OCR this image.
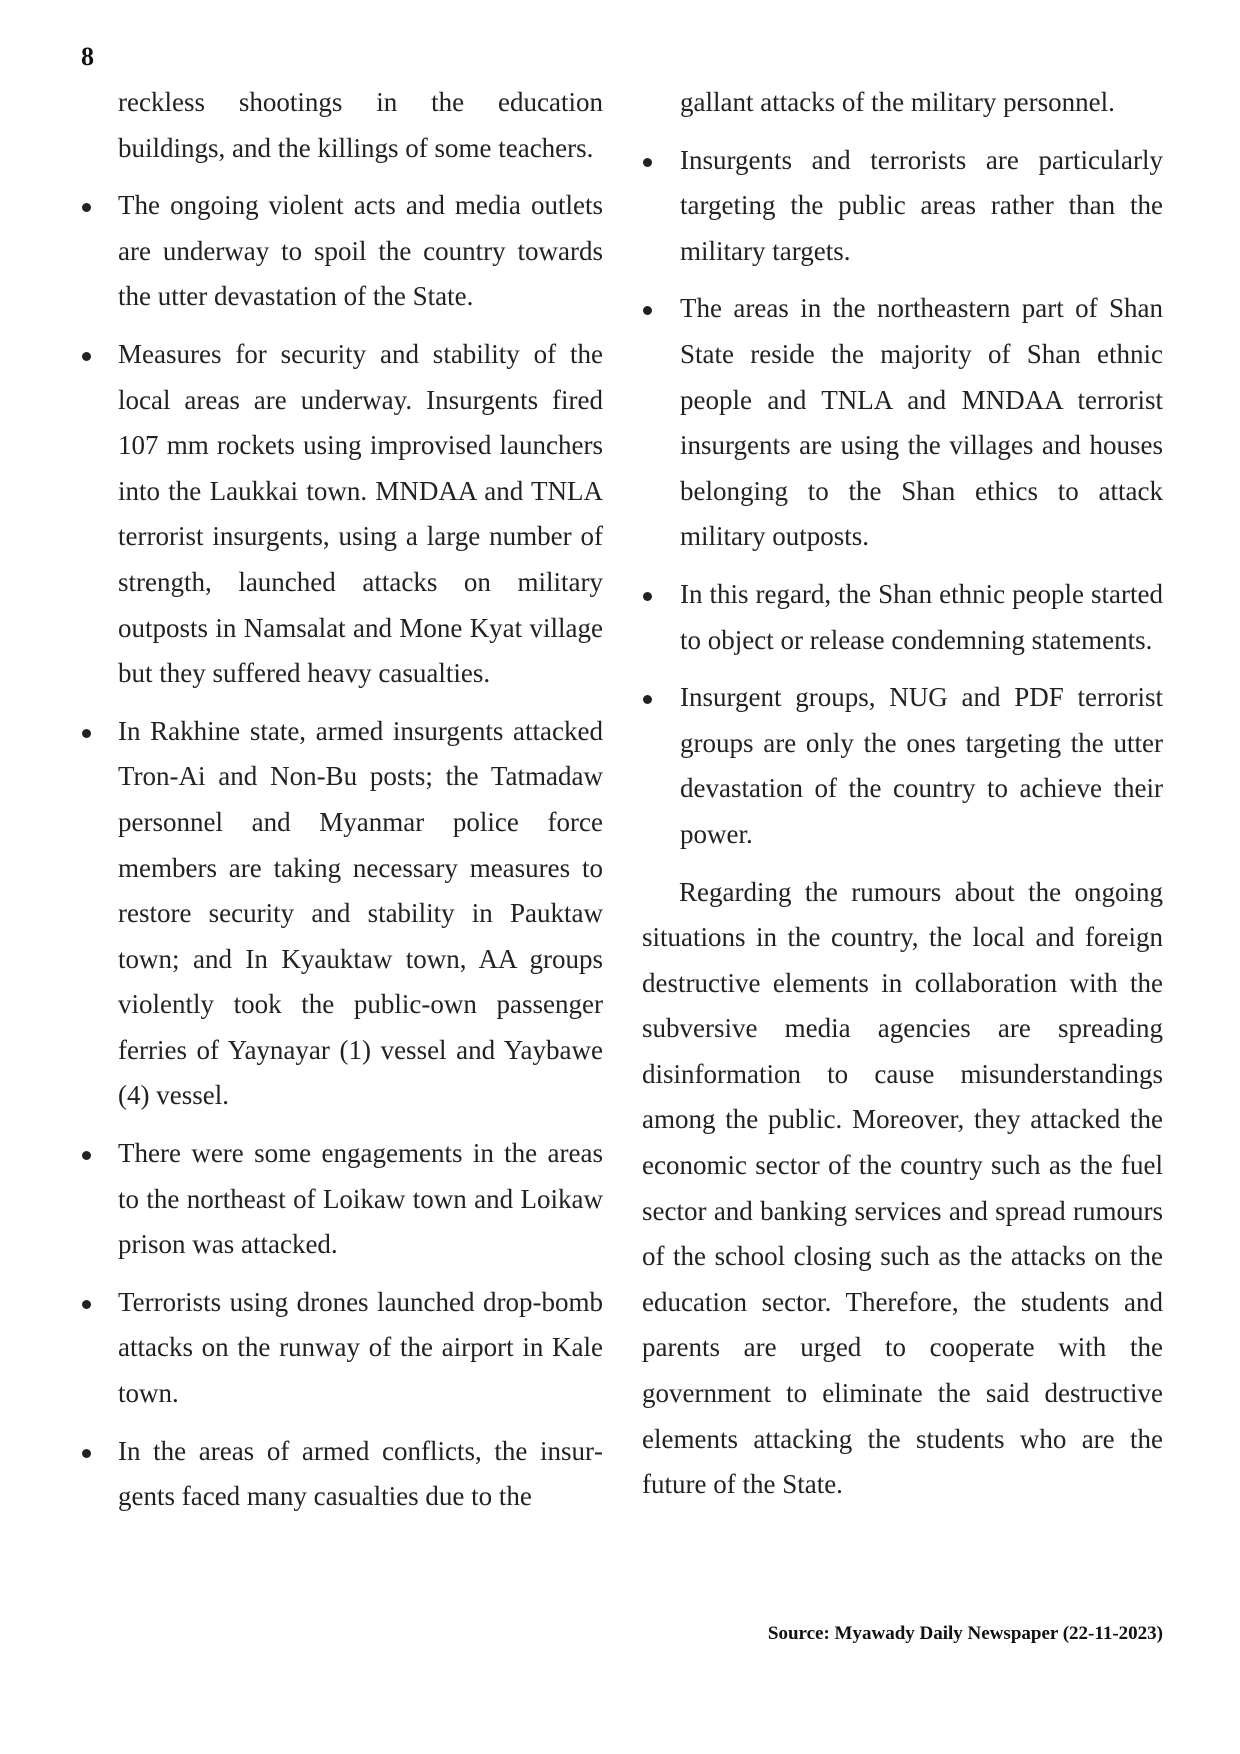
8

reckless shootings in the education buildings, and the killings of some teachers.

The ongoing violent acts and media outlets are underway to spoil the country towards the utter devastation of the State.

Measures for security and stability of the local areas are underway. Insurgents fired 107 mm rockets using improvised launchers into the Laukkai town. MNDAA and TNLA terrorist insurgents, using a large number of strength, launched attacks on military outposts in Namsalat and Mone Kyat village but they suffered heavy casualties.

In Rakhine state, armed insurgents attacked Tron-Ai and Non-Bu posts; the Tatmadaw personnel and Myanmar police force members are taking necessary measures to restore security and stability in Pauktaw town; and In Kyauktaw town, AA groups violently took the public-own passenger ferries of Yaynayar (1) vessel and Yaybawe (4) vessel.

There were some engagements in the areas to the northeast of Loikaw town and Loikaw prison was attacked.

Terrorists using drones launched drop-bomb attacks on the runway of the airport in Kale town.

In the areas of armed conflicts, the insurgents faced many casualties due to the

gallant attacks of the military personnel.

Insurgents and terrorists are particularly targeting the public areas rather than the military targets.

The areas in the northeastern part of Shan State reside the majority of Shan ethnic people and TNLA and MNDAA terrorist insurgents are using the villages and houses belonging to the Shan ethics to attack military outposts.

In this regard, the Shan ethnic people started to object or release condemning statements.

Insurgent groups, NUG and PDF terrorist groups are only the ones targeting the utter devastation of the country to achieve their power.

Regarding the rumours about the ongoing situations in the country, the local and foreign destructive elements in collaboration with the subversive media agencies are spreading disinformation to cause misunderstandings among the public. Moreover, they attacked the economic sector of the country such as the fuel sector and banking services and spread rumours of the school closing such as the attacks on the education sector. Therefore, the students and parents are urged to cooperate with the government to eliminate the said destructive elements attacking the students who are the future of the State.

Source: Myawady Daily Newspaper (22-11-2023)
